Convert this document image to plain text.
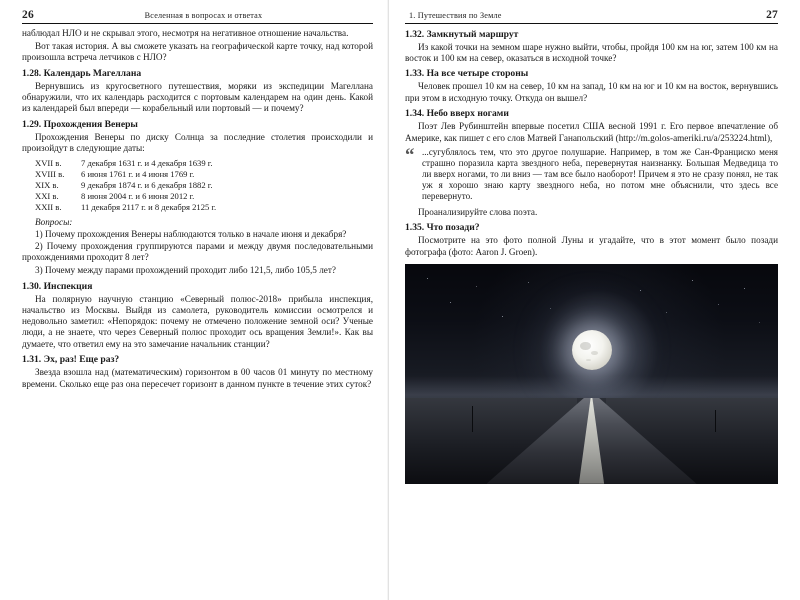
26	Вселенная в вопросах и ответах

наблюдал НЛО и не скрывал этого, несмотря на негативное отношение начальства.

Вот такая история. А вы сможете указать на географической карте точку, над которой произошла встреча летчиков с НЛО?

1.28. Календарь Магеллана

Вернувшись из кругосветного путешествия, моряки из экспедиции Магеллана обнаружили, что их календарь расходится с портовым календарем на один день. Какой из календарей был впереди — корабельный или портовый — и почему?

1.29. Прохождения Венеры

Прохождения Венеры по диску Солнца за последние столетия происходили и произойдут в следующие даты:

XVII в.	7 декабря 1631 г. и 4 декабря 1639 г.
XVIII в.	6 июня 1761 г. и 4 июня 1769 г.
XIX в.	9 декабря 1874 г. и 6 декабря 1882 г.
XXI в.	8 июня 2004 г. и 6 июня 2012 г.
XXII в.	11 декабря 2117 г. и 8 декабря 2125 г.
Вопросы:

1) Почему прохождения Венеры наблюдаются только в начале июня и декабря?

2) Почему прохождения группируются парами и между двумя последовательными прохождениями проходит 8 лет?

3) Почему между парами прохождений проходит либо 121,5, либо 105,5 лет?

1.30. Инспекция

На полярную научную станцию «Северный полюс-2018» прибыла инспекция, начальство из Москвы. Выйдя из самолета, руководитель комиссии осмотрелся и недовольно заметил: «Непорядок: почему не отмечено положение земной оси? Ученые люди, а не знаете, что через Северный полюс проходит ось вращения Земли!». Как вы думаете, что ответил ему на это замечание начальник станции?

1.31. Эх, раз! Еще раз?

Звезда взошла над (математическим) горизонтом в 00 часов 01 минуту по местному времени. Сколько еще раз она пересечет горизонт в данном пункте в течение этих суток?

1. Путешествия по Земле	27
1.32. Замкнутый маршрут

Из какой точки на земном шаре нужно выйти, чтобы, пройдя 100 км на юг, затем 100 км на восток и 100 км на север, оказаться в исходной точке?

1.33. На все четыре стороны

Человек прошел 10 км на север, 10 км на запад, 10 км на юг и 10 км на восток, вернувшись при этом в исходную точку. Откуда он вышел?

1.34. Небо вверх ногами

Поэт Лев Рубинштейн впервые посетил США весной 1991 г. Его первое впечатление об Америке, как пишет с его слов Матвей Ганапольский (http://m.golos-ameriki.ru/a/253224.html),

“ ...сугублялось тем, что это другое полушарие. Например, в том же Сан-Франциско меня страшно поразила карта звездного неба, перевернутая наизнанку. Большая Медведица то ли вверх ногами, то ли вниз — там все было наоборот! Причем я это не сразу понял, не так уж я хорошо знаю карту звездного неба, но потом мне объяснили, что здесь все перевернуто.

Проанализируйте слова поэта.

1.35. Что позади?

Посмотрите на это фото полной Луны и угадайте, что в этот момент было позади фотографа (фото: Aaron J. Groen).
